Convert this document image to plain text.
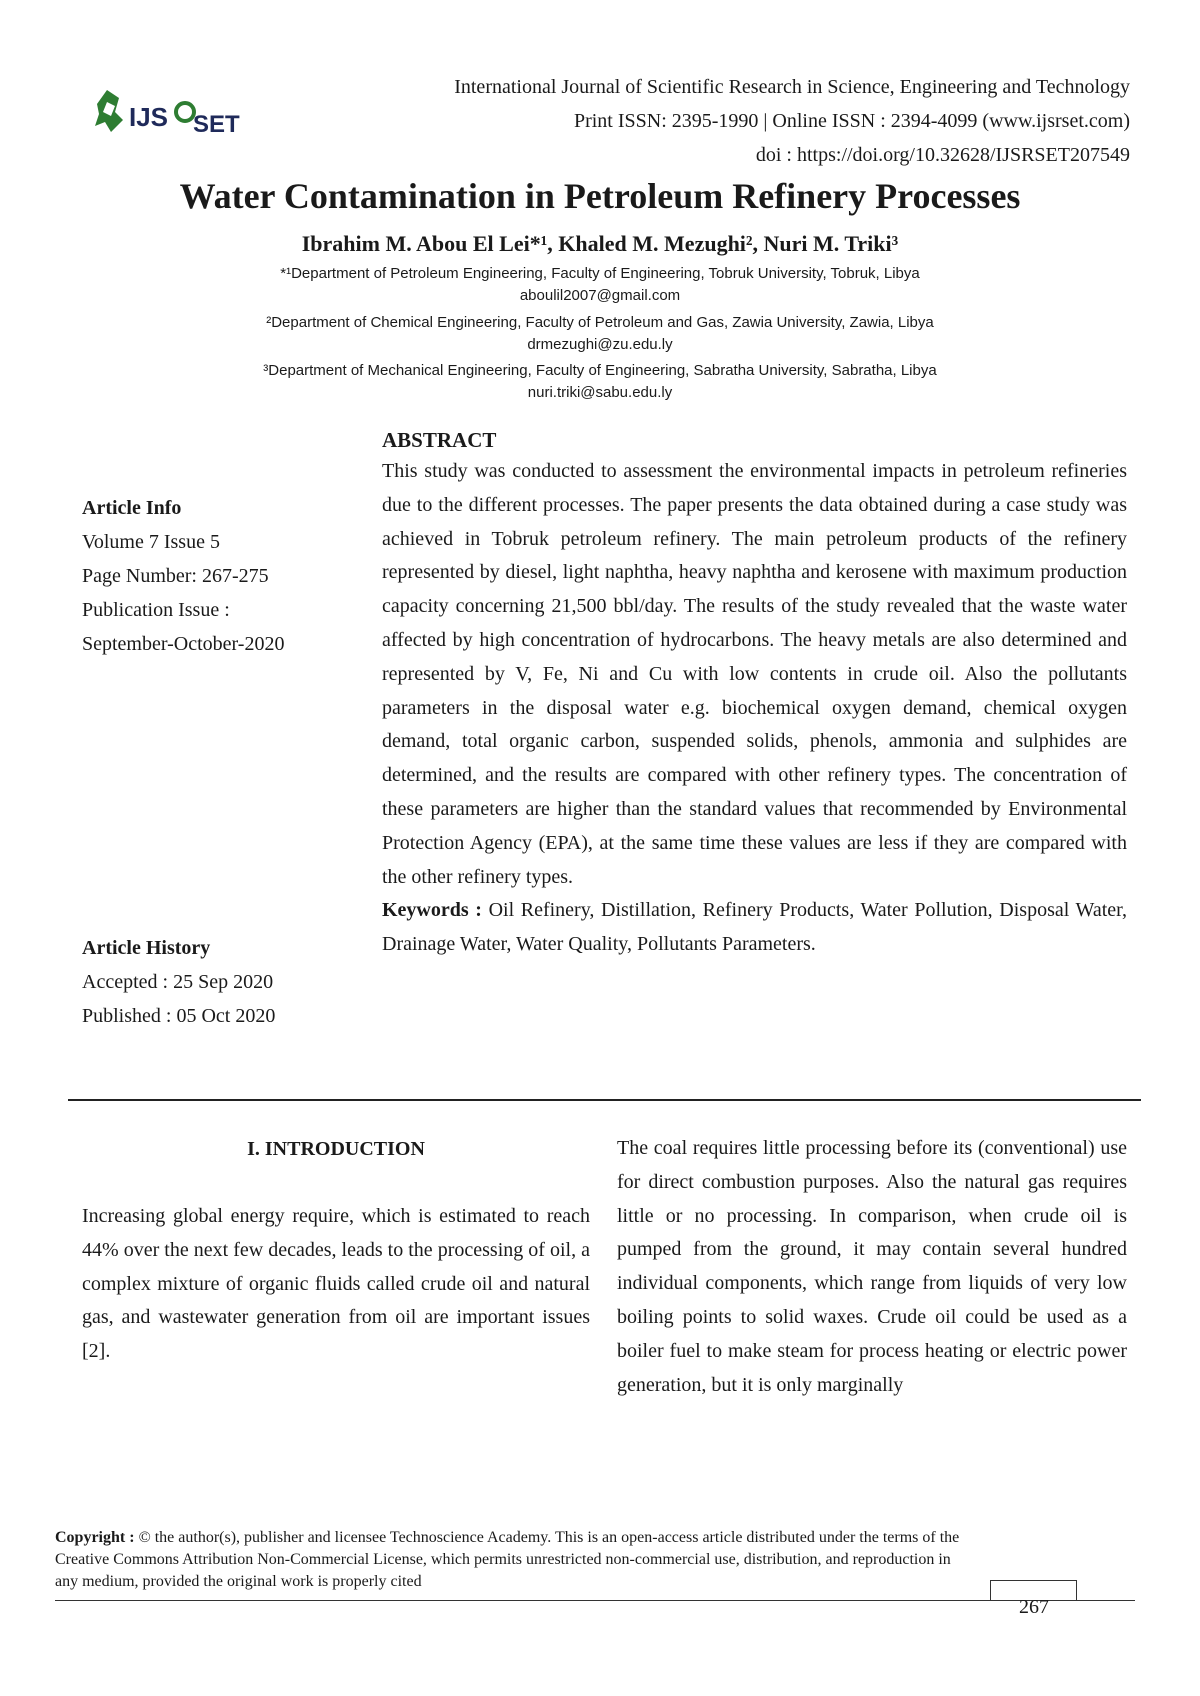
IJS SET
International Journal of Scientific Research in Science, Engineering and Technology
Print ISSN: 2395-1990 | Online ISSN : 2394-4099 (www.ijsrset.com)
doi : https://doi.org/10.32628/IJSRSET207549
Water Contamination in Petroleum Refinery Processes
Ibrahim M. Abou El Lei*¹, Khaled M. Mezughi², Nuri M. Triki³
*¹Department of Petroleum Engineering, Faculty of Engineering, Tobruk University, Tobruk, Libya
aboulil2007@gmail.com
²Department of Chemical Engineering, Faculty of Petroleum and Gas, Zawia University, Zawia, Libya
drmezughi@zu.edu.ly
³Department of Mechanical Engineering, Faculty of Engineering, Sabratha University, Sabratha, Libya
nuri.triki@sabu.edu.ly
Article Info
Volume 7 Issue 5
Page Number: 267-275
Publication Issue :
September-October-2020
Article History
Accepted : 25 Sep 2020
Published : 05 Oct 2020
ABSTRACT

This study was conducted to assessment the environmental impacts in petroleum refineries due to the different processes. The paper presents the data obtained during a case study was achieved in Tobruk petroleum refinery. The main petroleum products of the refinery represented by diesel, light naphtha, heavy naphtha and kerosene with maximum production capacity concerning 21,500 bbl/day. The results of the study revealed that the waste water affected by high concentration of hydrocarbons. The heavy metals are also determined and represented by V, Fe, Ni and Cu with low contents in crude oil. Also the pollutants parameters in the disposal water e.g. biochemical oxygen demand, chemical oxygen demand, total organic carbon, suspended solids, phenols, ammonia and sulphides are determined, and the results are compared with other refinery types. The concentration of these parameters are higher than the standard values that recommended by Environmental Protection Agency (EPA), at the same time these values are less if they are compared with the other refinery types.
Keywords : Oil Refinery, Distillation, Refinery Products, Water Pollution, Disposal Water, Drainage Water, Water Quality, Pollutants Parameters.

I. INTRODUCTION

Increasing global energy require, which is estimated to reach 44% over the next few decades, leads to the processing of oil, a complex mixture of organic fluids called crude oil and natural gas, and wastewater generation from oil are important issues [2].

The coal requires little processing before its (conventional) use for direct combustion purposes. Also the natural gas requires little or no processing. In comparison, when crude oil is pumped from the ground, it may contain several hundred individual components, which range from liquids of very low boiling points to solid waxes. Crude oil could be used as a boiler fuel to make steam for process heating or electric power generation, but it is only marginally

Copyright : © the author(s), publisher and licensee Technoscience Academy. This is an open-access article distributed under the terms of the Creative Commons Attribution Non-Commercial License, which permits unrestricted non-commercial use, distribution, and reproduction in any medium, provided the original work is properly cited

267
